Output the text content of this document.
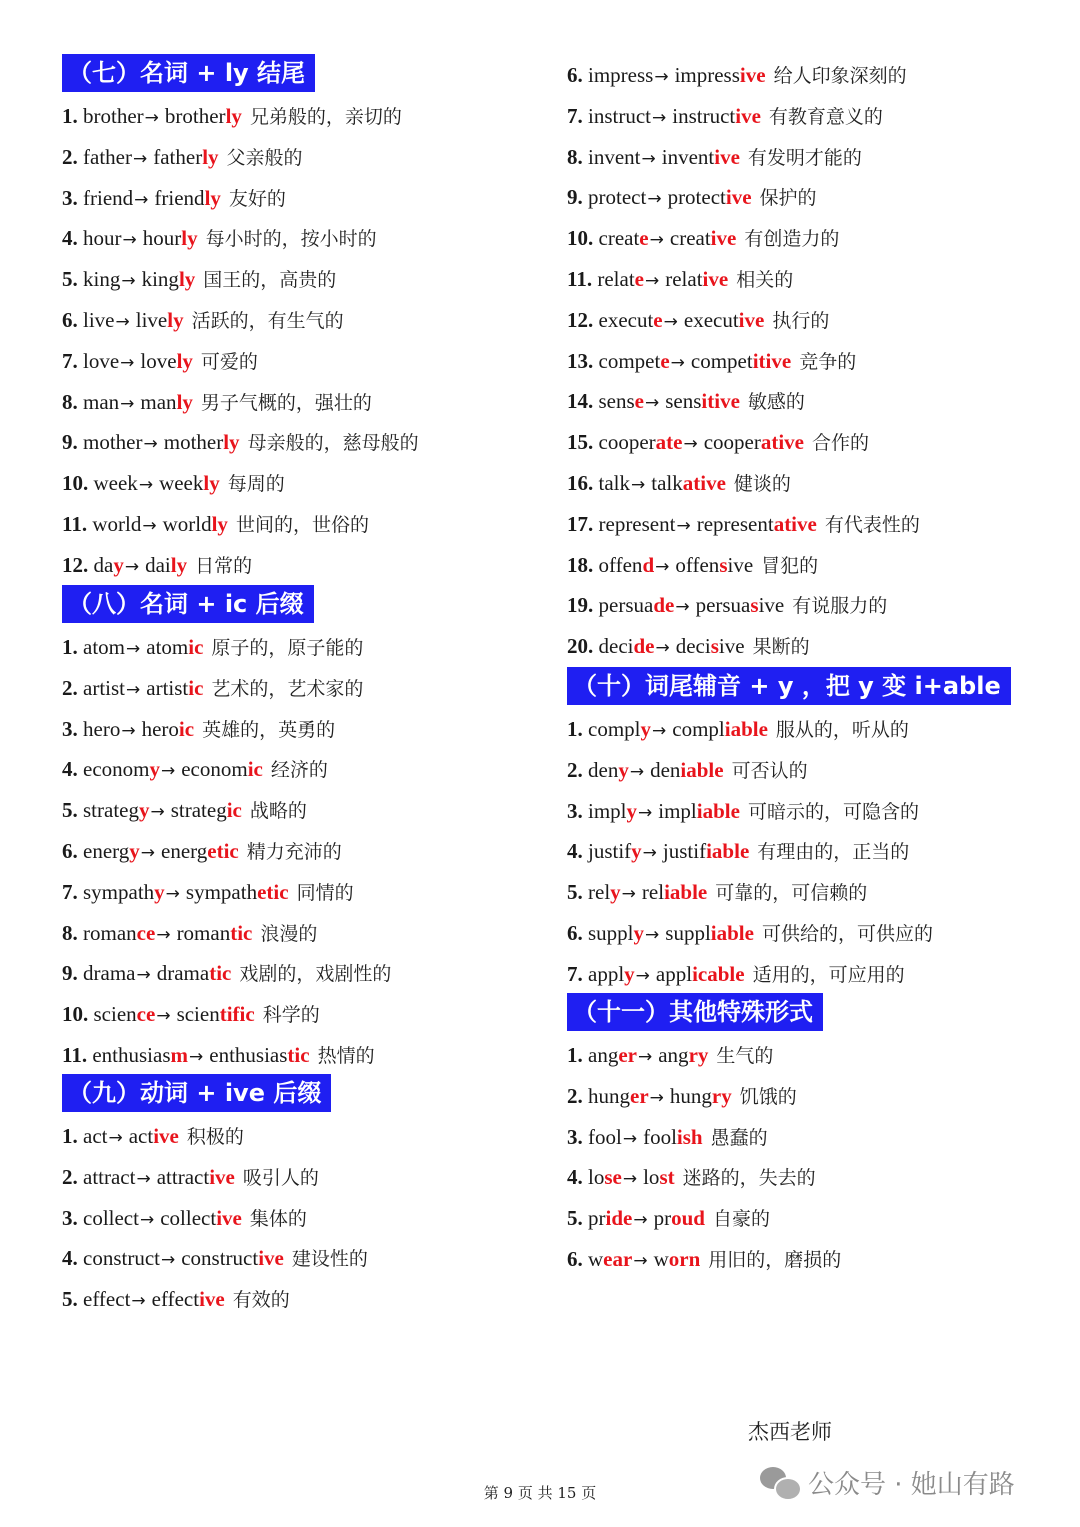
（七）名词 + ly 结尾
1. brother→ brotherly 兄弟般的，亲切的
2. father→ fatherly 父亲般的
3. friend→ friendly 友好的
4. hour→ hourly 每小时的，按小时的
5. king→ kingly 国王的，高贵的
6. live→ lively 活跃的，有生气的
7. love→ lovely 可爱的
8. man→ manly 男子气概的，强壮的
9. mother→ motherly 母亲般的，慈母般的
10. week→ weekly 每周的
11. world→ worldly 世间的，世俗的
12. day→ daily 日常的
（八）名词 + ic 后缀
1. atom→ atomic 原子的，原子能的
2. artist→ artistic 艺术的，艺术家的
3. hero→ heroic 英雄的，英勇的
4. economy→ economic 经济的
5. strategy→ strategic 战略的
6. energy→ energetic 精力充沛的
7. sympathy→ sympathetic 同情的
8. romance→ romantic 浪漫的
9. drama→ dramatic 戏剧的，戏剧性的
10. science→ scientific 科学的
11. enthusiasm→ enthusiastic 热情的
（九）动词 + ive 后缀
1. act→ active 积极的
2. attract→ attractive 吸引人的
3. collect→ collective 集体的
4. construct→ constructive 建设性的
5. effect→ effective 有效的
6. impress→ impressive 给人印象深刻的
7. instruct→ instructive 有教育意义的
8. invent→ inventive 有发明才能的
9. protect→ protective 保护的
10. create→ creative 有创造力的
11. relate→ relative 相关的
12. execute→ executive 执行的
13. compete→ competitive 竞争的
14. sense→ sensitive 敏感的
15. cooperate→ cooperative 合作的
16. talk→ talkative 健谈的
17. represent→ representative 有代表性的
18. offend→ offensive 冒犯的
19. persuade→ persuasive 有说服力的
20. decide→ decisive 果断的
（十）词尾辅音 + y ，把 y 变 i+able
1. comply→ compliable 服从的，听从的
2. deny→ deniable 可否认的
3. imply→ impliable 可暗示的，可隐含的
4. justify→ justifiable 有理由的，正当的
5. rely→ reliable 可靠的，可信赖的
6. supply→ suppliable 可供给的，可供应的
7. apply→ applicable 适用的，可应用的
（十一）其他特殊形式
1. anger→ angry 生气的
2. hunger→ hungry 饥饿的
3. fool→ foolish 愚蠢的
4. lose→ lost 迷路的，失去的
5. pride→ proud 自豪的
6. wear→ worn 用旧的，磨损的
杰西老师
第 9 页 共 15 页	公众号 · 她山有路
